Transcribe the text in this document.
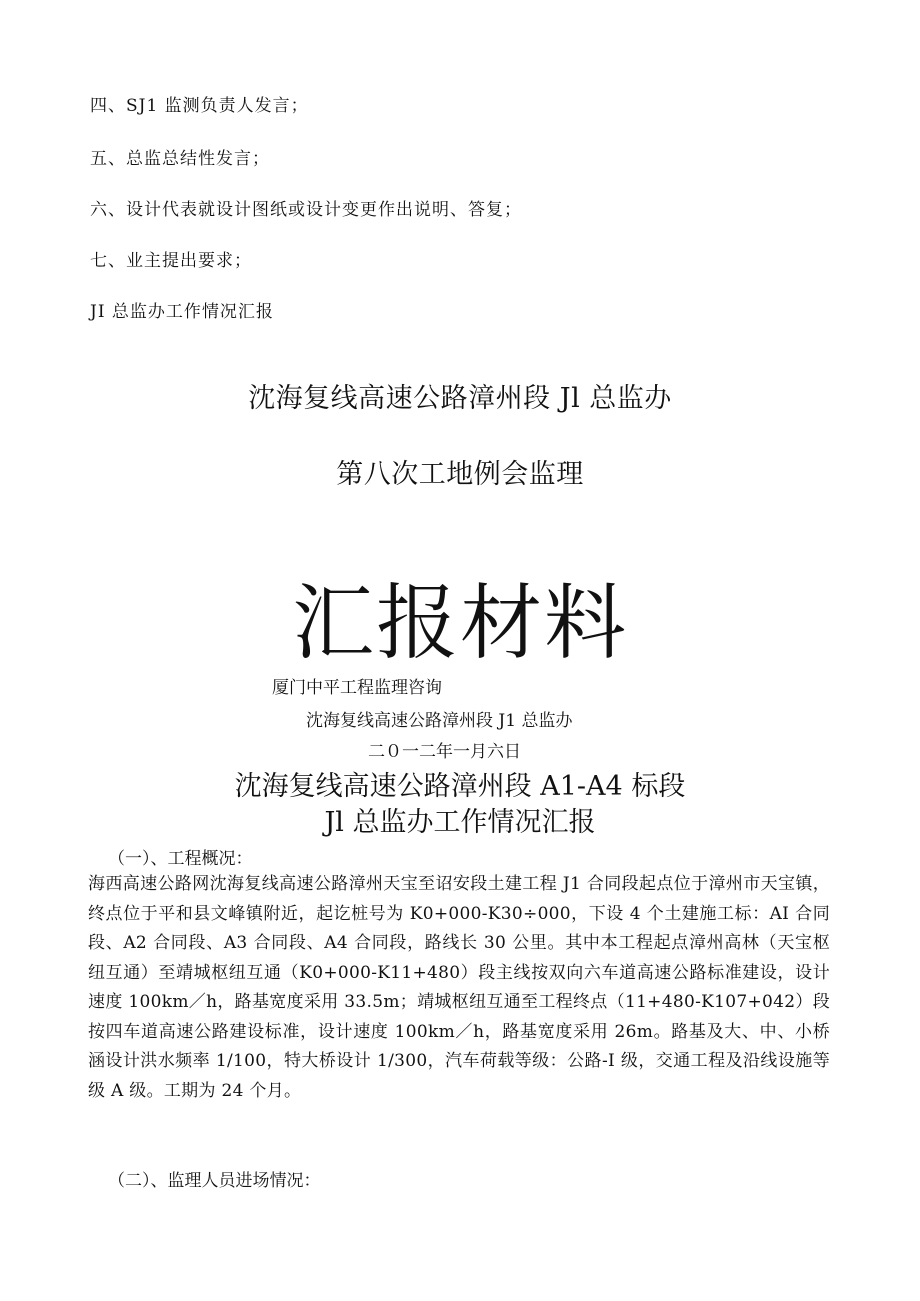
四、SJ1 监测负责人发言；
五、总监总结性发言；
六、设计代表就设计图纸或设计变更作出说明、答复；
七、业主提出要求；
JI 总监办工作情况汇报
沈海复线高速公路漳州段 Jl 总监办
第八次工地例会监理
汇报材料
厦门中平工程监理咨询
沈海复线高速公路漳州段 J1 总监办
二０一二年一月六日
沈海复线高速公路漳州段 A1-A4 标段
Jl 总监办工作情况汇报
（一）、工程概况：
海西高速公路网沈海复线高速公路漳州天宝至诏安段土建工程 J1 合同段起点位于漳州市天宝镇，终点位于平和县文峰镇附近，起讫桩号为 K0+000-K30÷000，下设 4 个土建施工标：AI 合同段、A2 合同段、A3 合同段、A4 合同段，路线长 30 公里。其中本工程起点漳州高林（天宝枢纽互通）至靖城枢纽互通（K0+000-K11+480）段主线按双向六车道高速公路标准建设，设计速度 100km／h，路基宽度采用 33.5m；靖城枢纽互通至工程终点（11+480-K107+042）段按四车道高速公路建设标准，设计速度 100km／h，路基宽度采用 26m。路基及大、中、小桥涵设计洪水频率 1/100，特大桥设计 1/300，汽车荷载等级：公路-I 级，交通工程及沿线设施等级 A 级。工期为 24 个月。
（二）、监理人员进场情况：
